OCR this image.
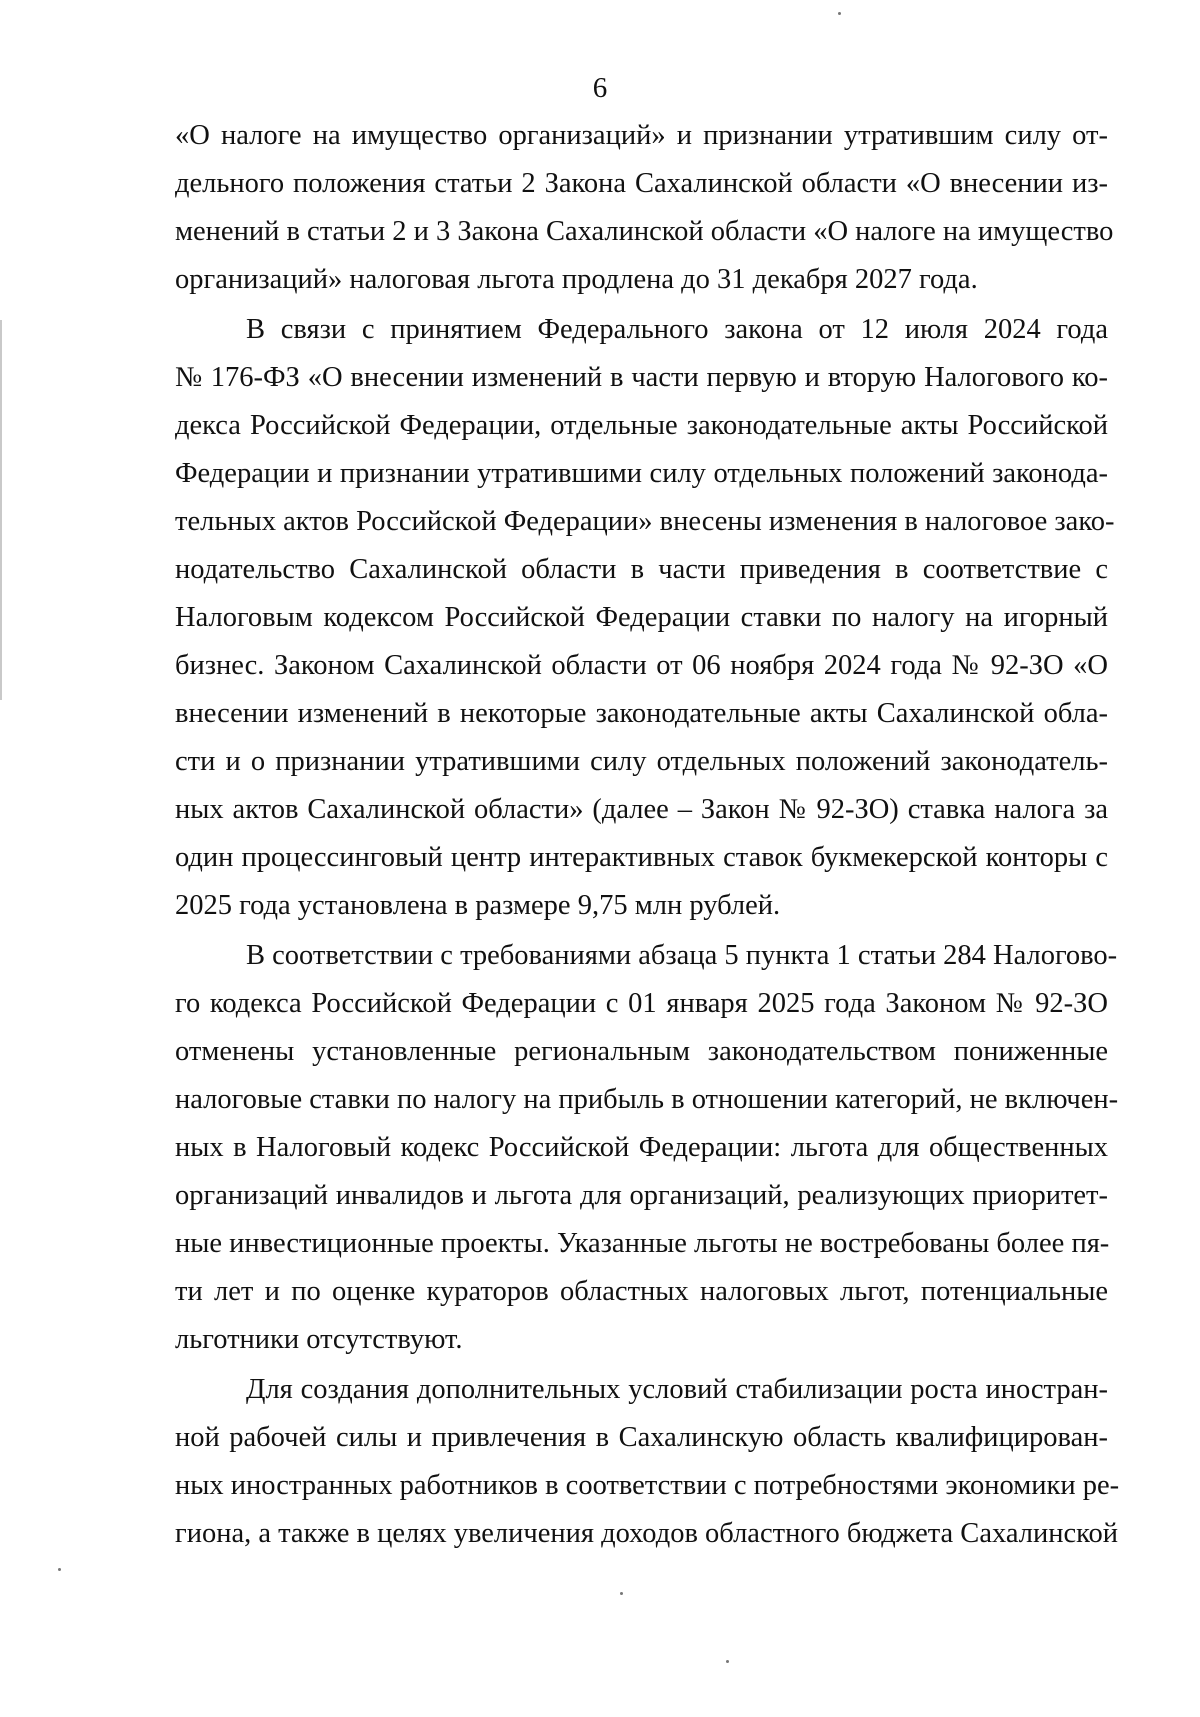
6
«О налоге на имущество организаций» и признании утратившим силу от-
дельного положения статьи 2 Закона Сахалинской области «О внесении из-
менений в статьи 2 и 3 Закона Сахалинской области «О налоге на имущество
организаций» налоговая льгота продлена до 31 декабря 2027 года.
В связи с принятием Федерального закона от 12 июля 2024 года
№ 176-ФЗ «О внесении изменений в части первую и вторую Налогового ко-
декса Российской Федерации, отдельные законодательные акты Российской
Федерации и признании утратившими силу отдельных положений законода-
тельных актов Российской Федерации» внесены изменения в налоговое зако-
нодательство Сахалинской области в части приведения в соответствие с
Налоговым кодексом Российской Федерации ставки по налогу на игорный
бизнес. Законом Сахалинской области от 06 ноября 2024 года № 92-ЗО «О
внесении изменений в некоторые законодательные акты Сахалинской обла-
сти и о признании утратившими силу отдельных положений законодатель-
ных актов Сахалинской области» (далее – Закон № 92-ЗО) ставка налога за
один процессинговый центр интерактивных ставок букмекерской конторы с
2025 года установлена в размере 9,75 млн рублей.
В соответствии с требованиями абзаца 5 пункта 1 статьи 284 Налогово-
го кодекса Российской Федерации с 01 января 2025 года Законом № 92-ЗО
отменены установленные региональным законодательством пониженные
налоговые ставки по налогу на прибыль в отношении категорий, не включен-
ных в Налоговый кодекс Российской Федерации: льгота для общественных
организаций инвалидов и льгота для организаций, реализующих приоритет-
ные инвестиционные проекты. Указанные льготы не востребованы более пя-
ти лет и по оценке кураторов областных налоговых льгот, потенциальные
льготники отсутствуют.
Для создания дополнительных условий стабилизации роста иностран-
ной рабочей силы и привлечения в Сахалинскую область квалифицирован-
ных иностранных работников в соответствии с потребностями экономики ре-
гиона, а также в целях увеличения доходов областного бюджета Сахалинской
